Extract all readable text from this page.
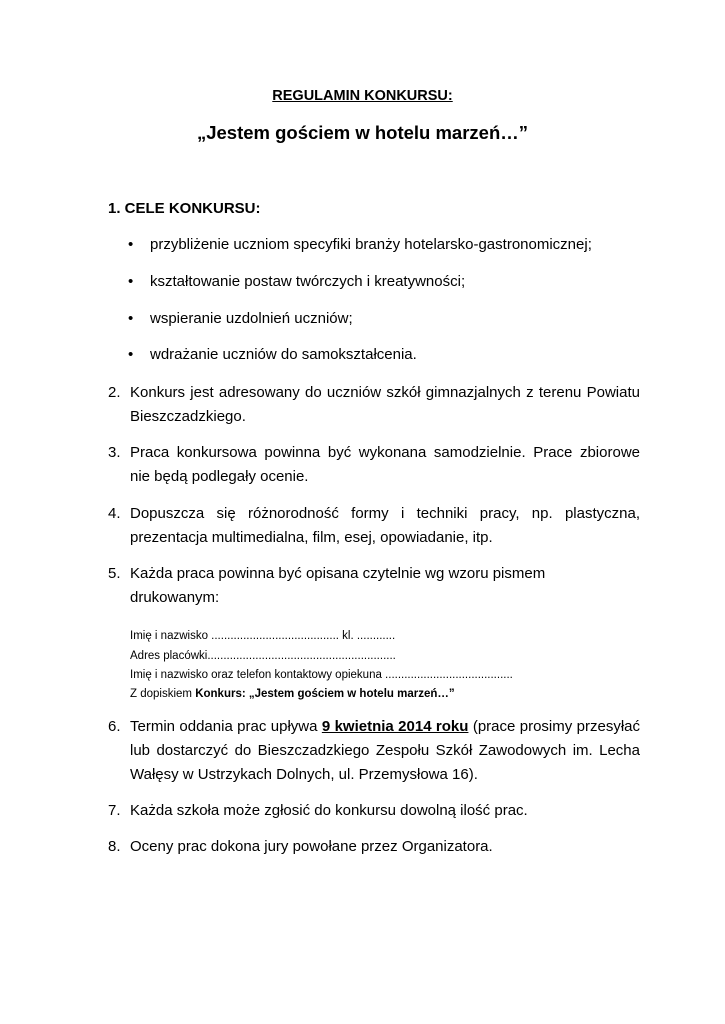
REGULAMIN KONKURSU:
„Jestem gościem w hotelu marzeń…”
1. CELE KONKURSU:
• przybliżenie uczniom specyfiki branży hotelarsko-gastronomicznej;
• kształtowanie postaw twórczych i kreatywności;
• wspieranie uzdolnień uczniów;
• wdrażanie uczniów do samokształcenia.
2. Konkurs jest adresowany do uczniów szkół gimnazjalnych z terenu Powiatu Bieszczadzkiego.
3. Praca konkursowa powinna być wykonana samodzielnie. Prace zbiorowe nie będą podlegały ocenie.
4. Dopuszcza się różnorodność formy i techniki pracy, np. plastyczna, prezentacja multimedialna, film, esej, opowiadanie, itp.
5. Każda praca powinna być opisana czytelnie wg wzoru pismem drukowanym:
Imię i nazwisko ........................................ kl. ............
Adres placówki...........................................................
Imię i nazwisko oraz telefon kontaktowy opiekuna ........................................
Z dopiskiem Konkurs: „Jestem gościem w hotelu marzeń…”
6. Termin oddania prac upływa 9 kwietnia 2014 roku (prace prosimy przesyłać lub dostarczyć do Bieszczadzkiego Zespołu Szkół Zawodowych im. Lecha Wałęsy w Ustrzykach Dolnych, ul. Przemysłowa 16).
7. Każda szkoła może zgłosić do konkursu dowolną ilość prac.
8. Oceny prac dokona jury powołane przez Organizatora.
